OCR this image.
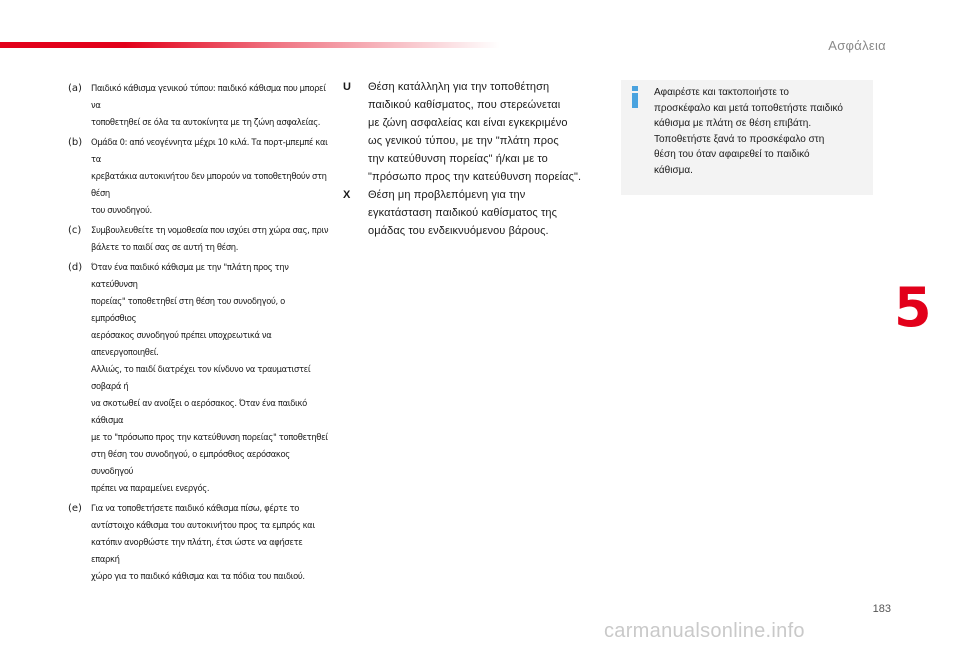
Ασφάλεια
5
(a)	Παιδικό κάθισμα γενικού τύπου: παιδικό κάθισμα που μπορεί να
τοποθετηθεί σε όλα τα αυτοκίνητα με τη ζώνη ασφαλείας.
(b)	Ομάδα 0: από νεογέννητα μέχρι 10 κιλά. Τα πορτ-μπεμπέ και τα
κρεβατάκια αυτοκινήτου δεν μπορούν να τοποθετηθούν στη θέση
του συνοδηγού.
(c)	Συμβουλευθείτε τη νομοθεσία που ισχύει στη χώρα σας, πριν
βάλετε το παιδί σας σε αυτή τη θέση.
(d)	Όταν ένα παιδικό κάθισμα με την "πλάτη προς την κατεύθυνση
πορείας" τοποθετηθεί στη θέση του συνοδηγού, ο εμπρόσθιος
αερόσακος συνοδηγού πρέπει υποχρεωτικά να απενεργοποιηθεί.
Αλλιώς, το παιδί διατρέχει τον κίνδυνο να τραυματιστεί σοβαρά ή
να σκοτωθεί αν ανοίξει ο αερόσακος. Όταν ένα παιδικό κάθισμα
με το "πρόσωπο προς την κατεύθυνση πορείας" τοποθετηθεί
στη θέση του συνοδηγού, ο εμπρόσθιος αερόσακος συνοδηγού
πρέπει να παραμείνει ενεργός.
(e)	Για να τοποθετήσετε παιδικό κάθισμα πίσω, φέρτε το
αντίστοιχο κάθισμα του αυτοκινήτου προς τα εμπρός και
κατόπιν ανορθώστε την πλάτη, έτσι ώστε να αφήσετε επαρκή
χώρο για το παιδικό κάθισμα και τα πόδια του παιδιού.
U	Θέση κατάλληλη για την τοποθέτηση
παιδικού καθίσματος, που στερεώνεται
με ζώνη ασφαλείας και είναι εγκεκριμένο
ως γενικού τύπου, με την "πλάτη προς
την κατεύθυνση πορείας" ή/και με το
"πρόσωπο προς την κατεύθυνση πορείας".
X	Θέση μη προβλεπόμενη για την
εγκατάσταση παιδικού καθίσματος της
ομάδας του ενδεικνυόμενου βάρους.
Αφαιρέστε και τακτοποιήστε το
προσκέφαλο και μετά τοποθετήστε παιδικό
κάθισμα με πλάτη σε θέση επιβάτη.
Τοποθετήστε ξανά το προσκέφαλο στη
θέση του όταν αφαιρεθεί το παιδικό
κάθισμα.
183
carmanualsonline.info
